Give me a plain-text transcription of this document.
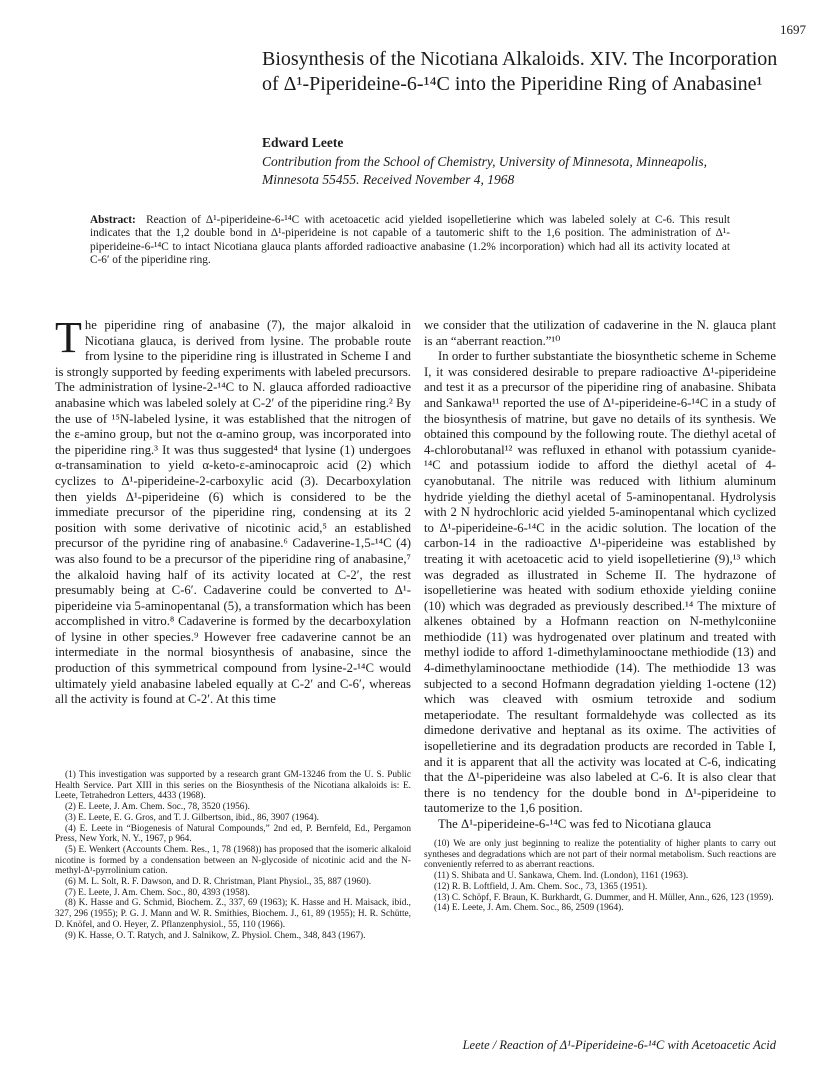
1697
Biosynthesis of the Nicotiana Alkaloids. XIV. The Incorporation of Δ¹-Piperideine-6-¹⁴C into the Piperidine Ring of Anabasine¹
Edward Leete
Contribution from the School of Chemistry, University of Minnesota, Minneapolis, Minnesota 55455. Received November 4, 1968
Abstract: Reaction of Δ¹-piperideine-6-¹⁴C with acetoacetic acid yielded isopelletierine which was labeled solely at C-6. This result indicates that the 1,2 double bond in Δ¹-piperideine is not capable of a tautomeric shift to the 1,6 position. The administration of Δ¹-piperideine-6-¹⁴C to intact Nicotiana glauca plants afforded radioactive anabasine (1.2% incorporation) which had all its activity located at C-6′ of the piperidine ring.

The piperidine ring of anabasine (7), the major alkaloid in Nicotiana glauca, is derived from lysine. The probable route from lysine to the piperidine ring is illustrated in Scheme I and is strongly supported by feeding experiments with labeled precursors. The administration of lysine-2-¹⁴C to N. glauca afforded radioactive anabasine which was labeled solely at C-2′ of the piperidine ring.² By the use of ¹⁵N-labeled lysine, it was established that the nitrogen of the ε-amino group, but not the α-amino group, was incorporated into the piperidine ring.³ It was thus suggested⁴ that lysine (1) undergoes α-transamination to yield α-keto-ε-aminocaproic acid (2) which cyclizes to Δ¹-piperideine-2-carboxylic acid (3). Decarboxylation then yields Δ¹-piperideine (6) which is considered to be the immediate precursor of the piperidine ring, condensing at its 2 position with some derivative of nicotinic acid,⁵ an established precursor of the pyridine ring of anabasine.⁶ Cadaverine-1,5-¹⁴C (4) was also found to be a precursor of the piperidine ring of anabasine,⁷ the alkaloid having half of its activity located at C-2′, the rest presumably being at C-6′. Cadaverine could be converted to Δ¹-piperideine via 5-aminopentanal (5), a transformation which has been accomplished in vitro.⁸ Cadaverine is formed by the decarboxylation of lysine in other species.⁹ However free cadaverine cannot be an intermediate in the normal biosynthesis of anabasine, since the production of this symmetrical compound from lysine-2-¹⁴C would ultimately yield anabasine labeled equally at C-2′ and C-6′, whereas all the activity is found at C-2′. At this time

we consider that the utilization of cadaverine in the N. glauca plant is an “aberrant reaction.”¹⁰

In order to further substantiate the biosynthetic scheme in Scheme I, it was considered desirable to prepare radioactive Δ¹-piperideine and test it as a precursor of the piperidine ring of anabasine. Shibata and Sankawa¹¹ reported the use of Δ¹-piperideine-6-¹⁴C in a study of the biosynthesis of matrine, but gave no details of its synthesis. We obtained this compound by the following route. The diethyl acetal of 4-chlorobutanal¹² was refluxed in ethanol with potassium cyanide-¹⁴C and potassium iodide to afford the diethyl acetal of 4-cyanobutanal. The nitrile was reduced with lithium aluminum hydride yielding the diethyl acetal of 5-aminopentanal. Hydrolysis with 2 N hydrochloric acid yielded 5-aminopentanal which cyclized to Δ¹-piperideine-6-¹⁴C in the acidic solution. The location of the carbon-14 in the radioactive Δ¹-piperideine was established by treating it with acetoacetic acid to yield isopelletierine (9),¹³ which was degraded as illustrated in Scheme II. The hydrazone of isopelletierine was heated with sodium ethoxide yielding coniine (10) which was degraded as previously described.¹⁴ The mixture of alkenes obtained by a Hofmann reaction on N-methylconiine methiodide (11) was hydrogenated over platinum and treated with methyl iodide to afford 1-dimethylaminooctane methiodide (13) and 4-dimethylaminooctane methiodide (14). The methiodide 13 was subjected to a second Hofmann degradation yielding 1-octene (12) which was cleaved with osmium tetroxide and sodium metaperiodate. The resultant formaldehyde was collected as its dimedone derivative and heptanal as its oxime. The activities of isopelletierine and its degradation products are recorded in Table I, and it is apparent that all the activity was located at C-6, indicating that the Δ¹-piperideine was also labeled at C-6. It is also clear that there is no tendency for the double bond in Δ¹-piperideine to tautomerize to the 1,6 position.

The Δ¹-piperideine-6-¹⁴C was fed to Nicotiana glauca

(1) This investigation was supported by a research grant GM-13246 from the U. S. Public Health Service. Part XIII in this series on the Biosynthesis of the Nicotiana alkaloids is: E. Leete, Tetrahedron Letters, 4433 (1968).

(2) E. Leete, J. Am. Chem. Soc., 78, 3520 (1956).

(3) E. Leete, E. G. Gros, and T. J. Gilbertson, ibid., 86, 3907 (1964).

(4) E. Leete in “Biogenesis of Natural Compounds,” 2nd ed, P. Bernfeld, Ed., Pergamon Press, New York, N. Y., 1967, p 964.

(5) E. Wenkert (Accounts Chem. Res., 1, 78 (1968)) has proposed that the isomeric alkaloid nicotine is formed by a condensation between an N-glycoside of nicotinic acid and the N-methyl-Δ¹-pyrrolinium cation.

(6) M. L. Solt, R. F. Dawson, and D. R. Christman, Plant Physiol., 35, 887 (1960).

(7) E. Leete, J. Am. Chem. Soc., 80, 4393 (1958).

(8) K. Hasse and G. Schmid, Biochem. Z., 337, 69 (1963); K. Hasse and H. Maisack, ibid., 327, 296 (1955); P. G. J. Mann and W. R. Smithies, Biochem. J., 61, 89 (1955); H. R. Schütte, D. Knöfel, and O. Heyer, Z. Pflanzenphysiol., 55, 110 (1966).

(9) K. Hasse, O. T. Ratych, and J. Salnikow, Z. Physiol. Chem., 348, 843 (1967).

(10) We are only just beginning to realize the potentiality of higher plants to carry out syntheses and degradations which are not part of their normal metabolism. Such reactions are conveniently referred to as aberrant reactions.

(11) S. Shibata and U. Sankawa, Chem. Ind. (London), 1161 (1963).

(12) R. B. Loftfield, J. Am. Chem. Soc., 73, 1365 (1951).

(13) C. Schöpf, F. Braun, K. Burkhardt, G. Dummer, and H. Müller, Ann., 626, 123 (1959).

(14) E. Leete, J. Am. Chem. Soc., 86, 2509 (1964).

Leete / Reaction of Δ¹-Piperideine-6-¹⁴C with Acetoacetic Acid
